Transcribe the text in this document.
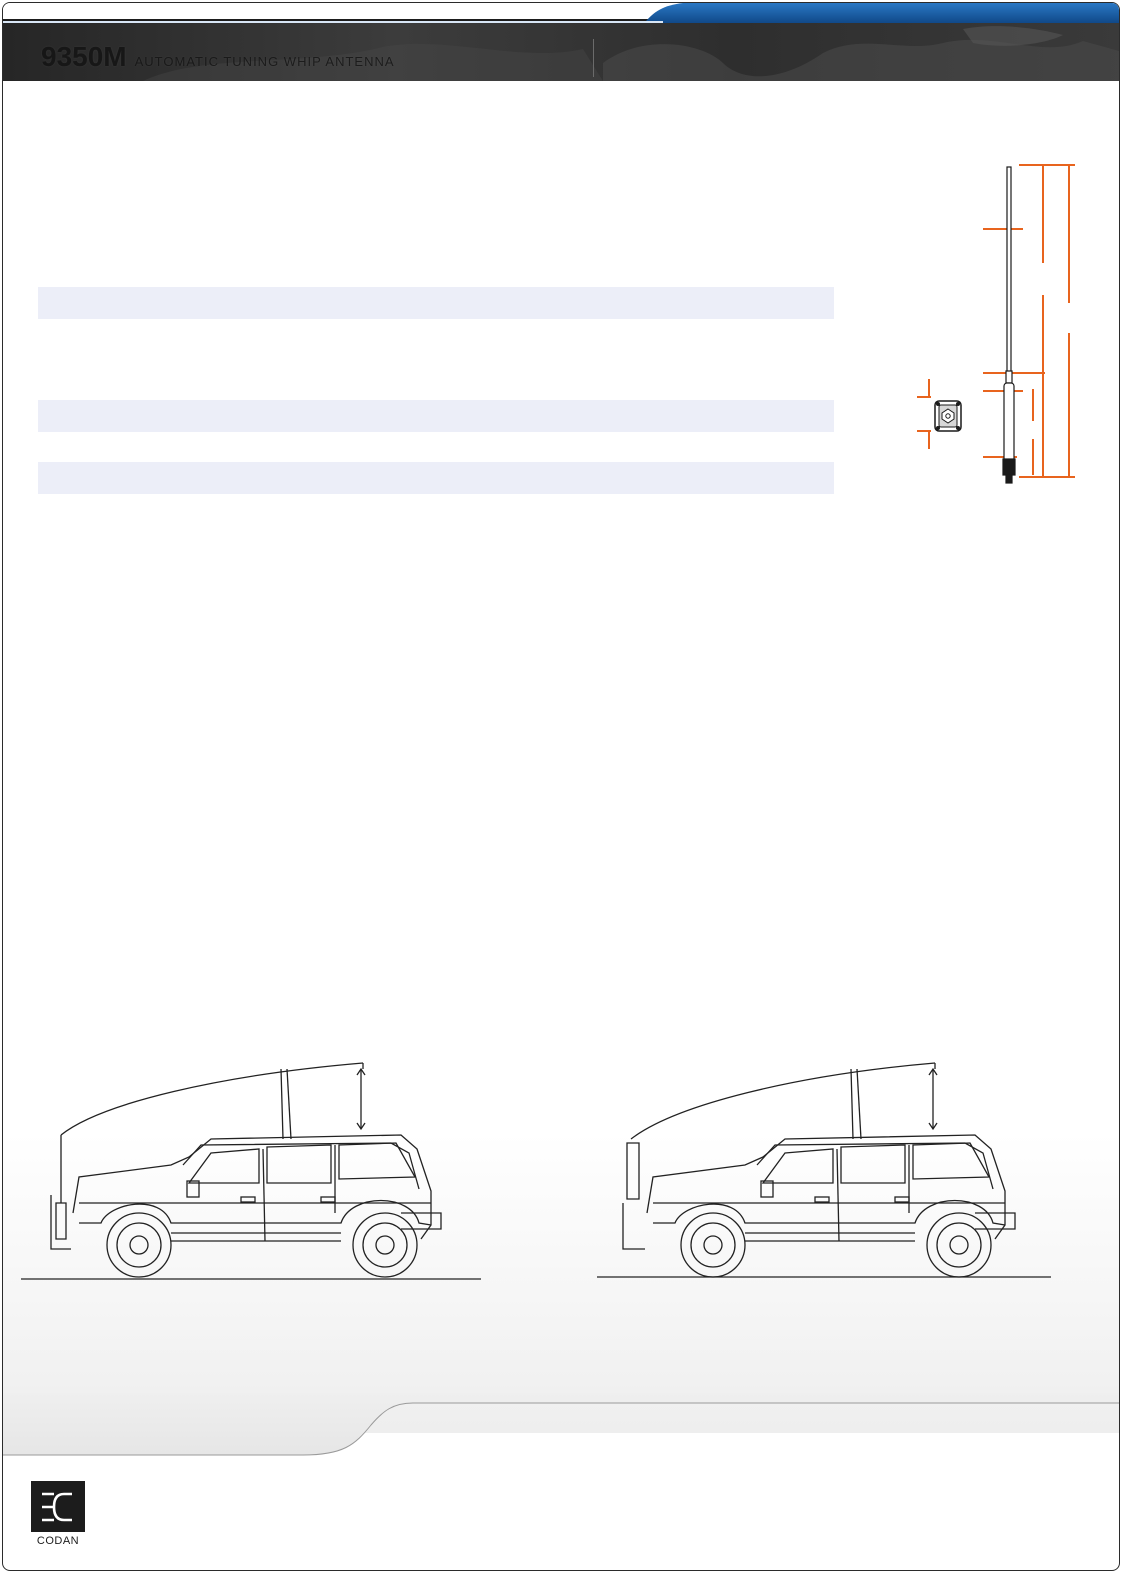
9350M AUTOMATIC TUNING WHIP ANTENNA
CODAN
